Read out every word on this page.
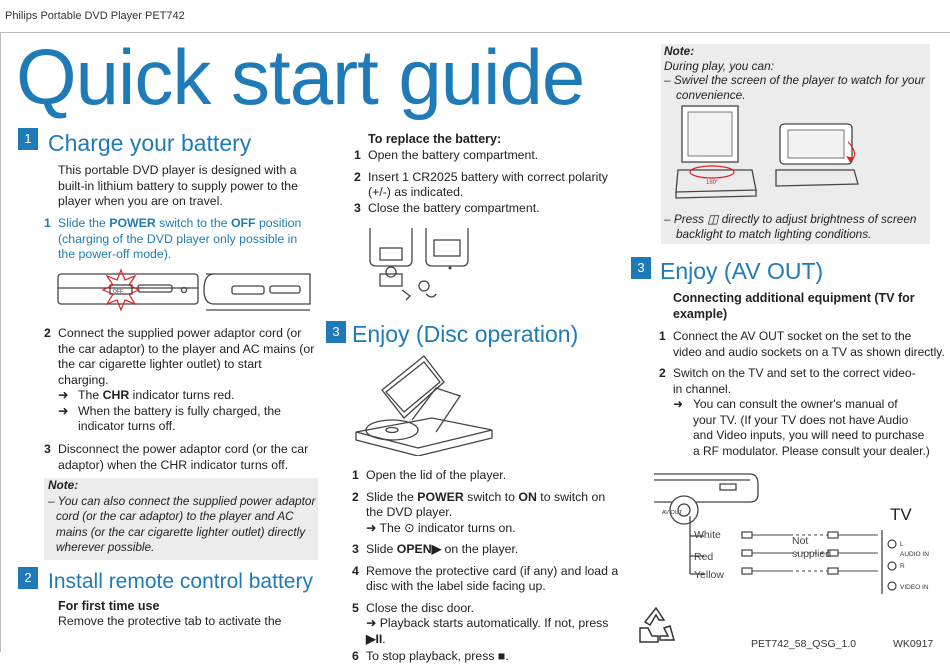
Philips Portable DVD Player PET742
Quick start guide
1 Charge your battery
This portable DVD player is designed with a
built-in lithium battery to supply power to the
player when you are on travel.
1 Slide the POWER switch to the OFF position
(charging of the DVD player only possible in
the power-off mode).
OFF
2 Connect the supplied power adaptor cord (or
the car adaptor) to the player and AC mains (or
the car cigarette lighter outlet) to start
charging.
➜ The CHR indicator turns red.
➜ When the battery is fully charged, the
indicator turns off.
3 Disconnect the power adaptor cord (or the car
adaptor) when the CHR indicator turns off.
Note:
– You can also connect the supplied power adaptor
cord (or the car adaptor) to the player and AC
mains (or the car cigarette lighter outlet) directly
wherever possible.
2 Install remote control battery
For first time use
Remove the protective tab to activate the
To replace the battery:
1 Open the battery compartment.
2 Insert 1 CR2025 battery with correct polarity
(+/-) as indicated.
3 Close the battery compartment.
3 Enjoy (Disc operation)
1 Open the lid of the player.
2 Slide the POWER switch to ON to switch on
the DVD player.
➜ The ⊙ indicator turns on.
3 Slide OPEN▶ on the player.
4 Remove the protective card (if any) and load a
disc with the label side facing up.
5 Close the disc door.
➜ Playback starts automatically. If not, press ▶II.
6 To stop playback, press ■.
Note:
During play, you can:
– Swivel the screen of the player to watch for your
convenience.
– Press ◫ directly to adjust brightness of screen
backlight to match lighting conditions.
180°
3 Enjoy (AV OUT)
Connecting additional equipment (TV for
example)
1 Connect the AV OUT socket on the set to the
video and audio sockets on a TV as shown directly.
2 Switch on the TV and set to the correct video-
in channel.
➜ You can consult the owner's manual of
your TV. (If your TV does not have Audio
and Video inputs, you will need to purchase
a RF modulator. Please consult your dealer.)
AV OUT
White
Red
Yellow
Not
supplied
TV
L
AUDIO IN
R
VIDEO IN
PET742_58_QSG_1.0	WK0917
